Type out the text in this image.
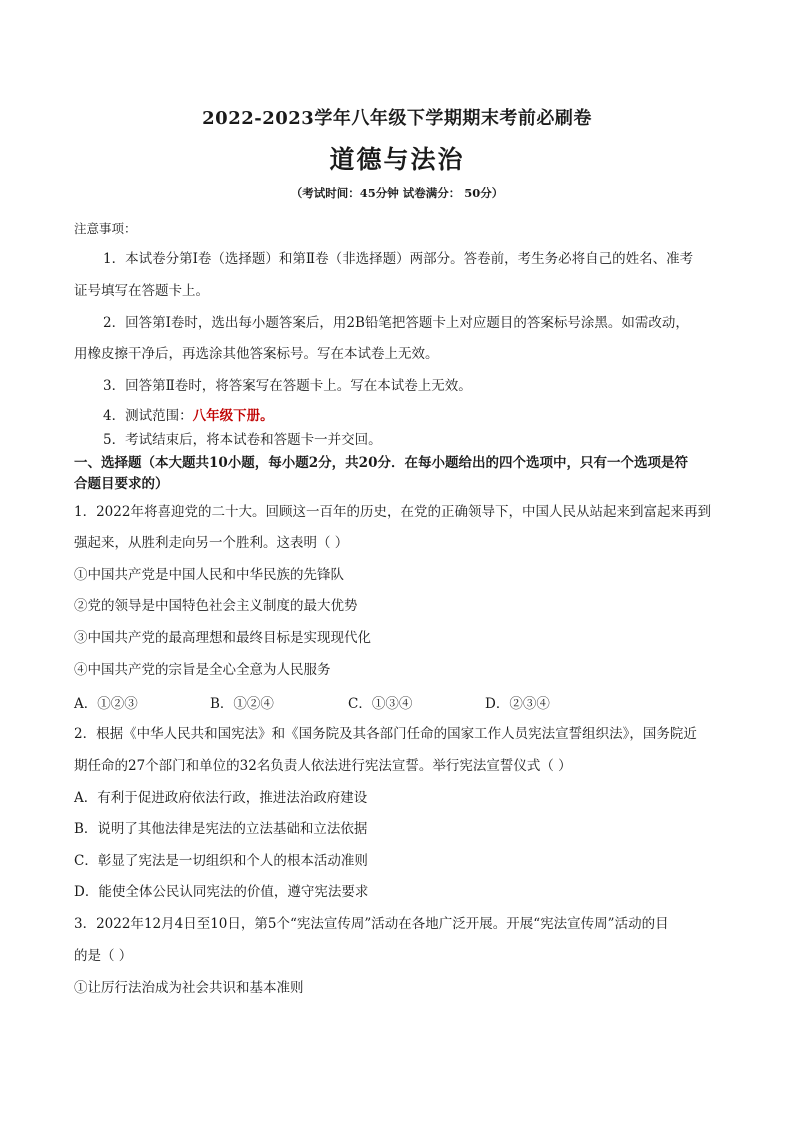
2022-2023学年八年级下学期期末考前必刷卷
道德与法治
（考试时间：45分钟 试卷满分： 50分）
注意事项：
1．本试卷分第Ⅰ卷（选择题）和第Ⅱ卷（非选择题）两部分。答卷前，考生务必将自己的姓名、准考
证号填写在答题卡上。
2．回答第Ⅰ卷时，选出每小题答案后，用2B铅笔把答题卡上对应题目的答案标号涂黑。如需改动，
用橡皮擦干净后，再选涂其他答案标号。写在本试卷上无效。
3．回答第Ⅱ卷时，将答案写在答题卡上。写在本试卷上无效。
4．测试范围：八年级下册。
5．考试结束后，将本试卷和答题卡一并交回。
一、选择题（本大题共10小题，每小题2分，共20分．在每小题给出的四个选项中，只有一个选项是符
合题目要求的）
1．2022年将喜迎党的二十大。回顾这一百年的历史，在党的正确领导下，中国人民从站起来到富起来再到
强起来，从胜利走向另一个胜利。这表明（ ）
①中国共产党是中国人民和中华民族的先锋队
②党的领导是中国特色社会主义制度的最大优势
③中国共产党的最高理想和最终目标是实现现代化
④中国共产党的宗旨是全心全意为人民服务
A．①②③	B．①②④	C．①③④	D．②③④
2．根据《中华人民共和国宪法》和《国务院及其各部门任命的国家工作人员宪法宣誓组织法》，国务院近
期任命的27个部门和单位的32名负责人依法进行宪法宣誓。举行宪法宣誓仪式（ ）
A．有利于促进政府依法行政，推进法治政府建设
B．说明了其他法律是宪法的立法基础和立法依据
C．彰显了宪法是一切组织和个人的根本活动准则
D．能使全体公民认同宪法的价值，遵守宪法要求
3．2022年12月4日至10日，第5个“宪法宣传周”活动在各地广泛开展。开展“宪法宣传周”活动的目
的是（ ）
①让厉行法治成为社会共识和基本准则
